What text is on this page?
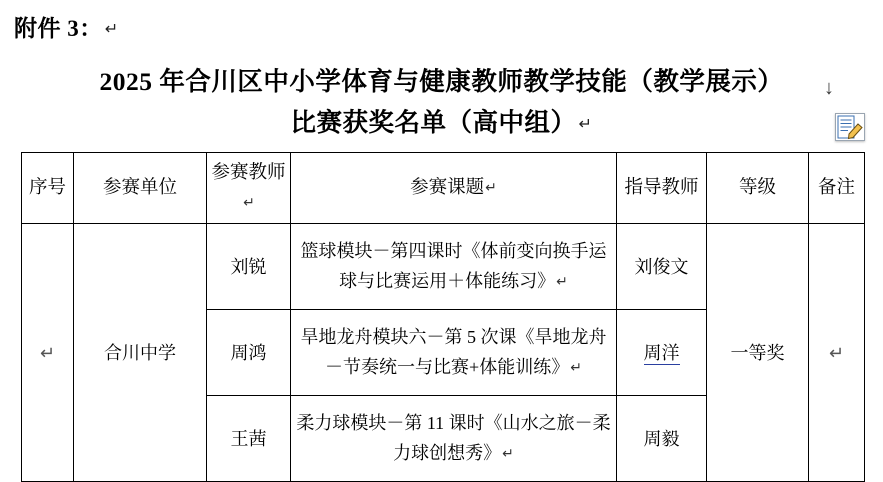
附件 3： ↵
2025 年合川区中小学体育与健康教师教学技能（教学展示）
比赛获奖名单（高中组） ↵
↓
序号	参赛单位	参赛教师↵	参赛课题↵	指导教师	等级	备注
↵	合川中学	刘锐	篮球模块－第四课时《体前变向换手运球与比赛运用＋体能练习》↵	刘俊文	一等奖	↵
		周鸿	旱地龙舟模块六－第 5 次课《旱地龙舟－节奏统一与比赛+体能训练》↵	周洋		
		王茜	柔力球模块－第 11 课时《山水之旅－柔力球创想秀》↵	周毅		
